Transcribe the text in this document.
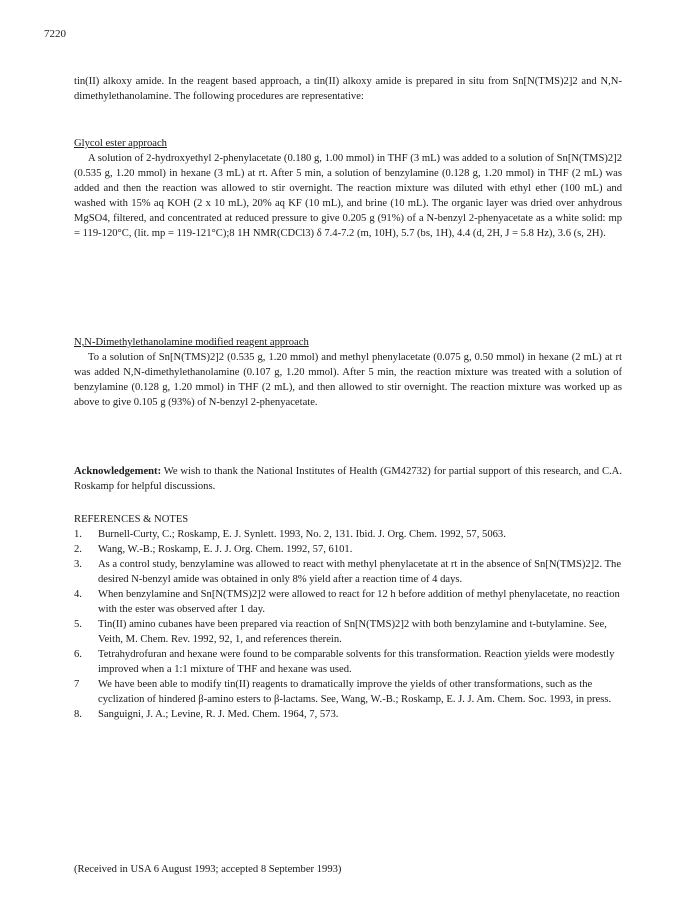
7220

tin(II) alkoxy amide. In the reagent based approach, a tin(II) alkoxy amide is prepared in situ from Sn[N(TMS)2]2 and N,N-dimethylethanolamine. The following procedures are representative:

Glycol ester approach

A solution of 2-hydroxyethyl 2-phenylacetate (0.180 g, 1.00 mmol) in THF (3 mL) was added to a solution of Sn[N(TMS)2]2 (0.535 g, 1.20 mmol) in hexane (3 mL) at rt. After 5 min, a solution of benzylamine (0.128 g, 1.20 mmol) in THF (2 mL) was added and then the reaction was allowed to stir overnight. The reaction mixture was diluted with ethyl ether (100 mL) and washed with 15% aq KOH (2 x 10 mL), 20% aq KF (10 mL), and brine (10 mL). The organic layer was dried over anhydrous MgSO4, filtered, and concentrated at reduced pressure to give 0.205 g (91%) of a N-benzyl 2-phenyacetate as a white solid: mp = 119-120°C, (lit. mp = 119-121°C);8 1H NMR(CDCl3) δ 7.4-7.2 (m, 10H), 5.7 (bs, 1H), 4.4 (d, 2H, J = 5.8 Hz), 3.6 (s, 2H).

N,N-Dimethylethanolamine modified reagent approach

To a solution of Sn[N(TMS)2]2 (0.535 g, 1.20 mmol) and methyl phenylacetate (0.075 g, 0.50 mmol) in hexane (2 mL) at rt was added N,N-dimethylethanolamine (0.107 g, 1.20 mmol). After 5 min, the reaction mixture was treated with a solution of benzylamine (0.128 g, 1.20 mmol) in THF (2 mL), and then allowed to stir overnight. The reaction mixture was worked up as above to give 0.105 g (93%) of N-benzyl 2-phenyacetate.

Acknowledgement: We wish to thank the National Institutes of Health (GM42732) for partial support of this research, and C.A. Roskamp for helpful discussions.

REFERENCES & NOTES
1.	Burnell-Curty, C.; Roskamp, E. J. Synlett. 1993, No. 2, 131. Ibid. J. Org. Chem. 1992, 57, 5063.
2.	Wang, W.-B.; Roskamp, E. J. J. Org. Chem. 1992, 57, 6101.
3.	As a control study, benzylamine was allowed to react with methyl phenylacetate at rt in the absence of Sn[N(TMS)2]2. The desired N-benzyl amide was obtained in only 8% yield after a reaction time of 4 days.
4.	When benzylamine and Sn[N(TMS)2]2 were allowed to react for 12 h before addition of methyl phenylacetate, no reaction with the ester was observed after 1 day.
5.	Tin(II) amino cubanes have been prepared via reaction of Sn[N(TMS)2]2 with both benzylamine and t-butylamine. See, Veith, M. Chem. Rev. 1992, 92, 1, and references therein.
6.	Tetrahydrofuran and hexane were found to be comparable solvents for this transformation. Reaction yields were modestly improved when a 1:1 mixture of THF and hexane was used.
7	We have been able to modify tin(II) reagents to dramatically improve the yields of other transformations, such as the cyclization of hindered β-amino esters to β-lactams. See, Wang, W.-B.; Roskamp, E. J. J. Am. Chem. Soc. 1993, in press.
8.	Sanguigni, J. A.; Levine, R. J. Med. Chem. 1964, 7, 573.
(Received in USA 6 August 1993; accepted 8 September 1993)
